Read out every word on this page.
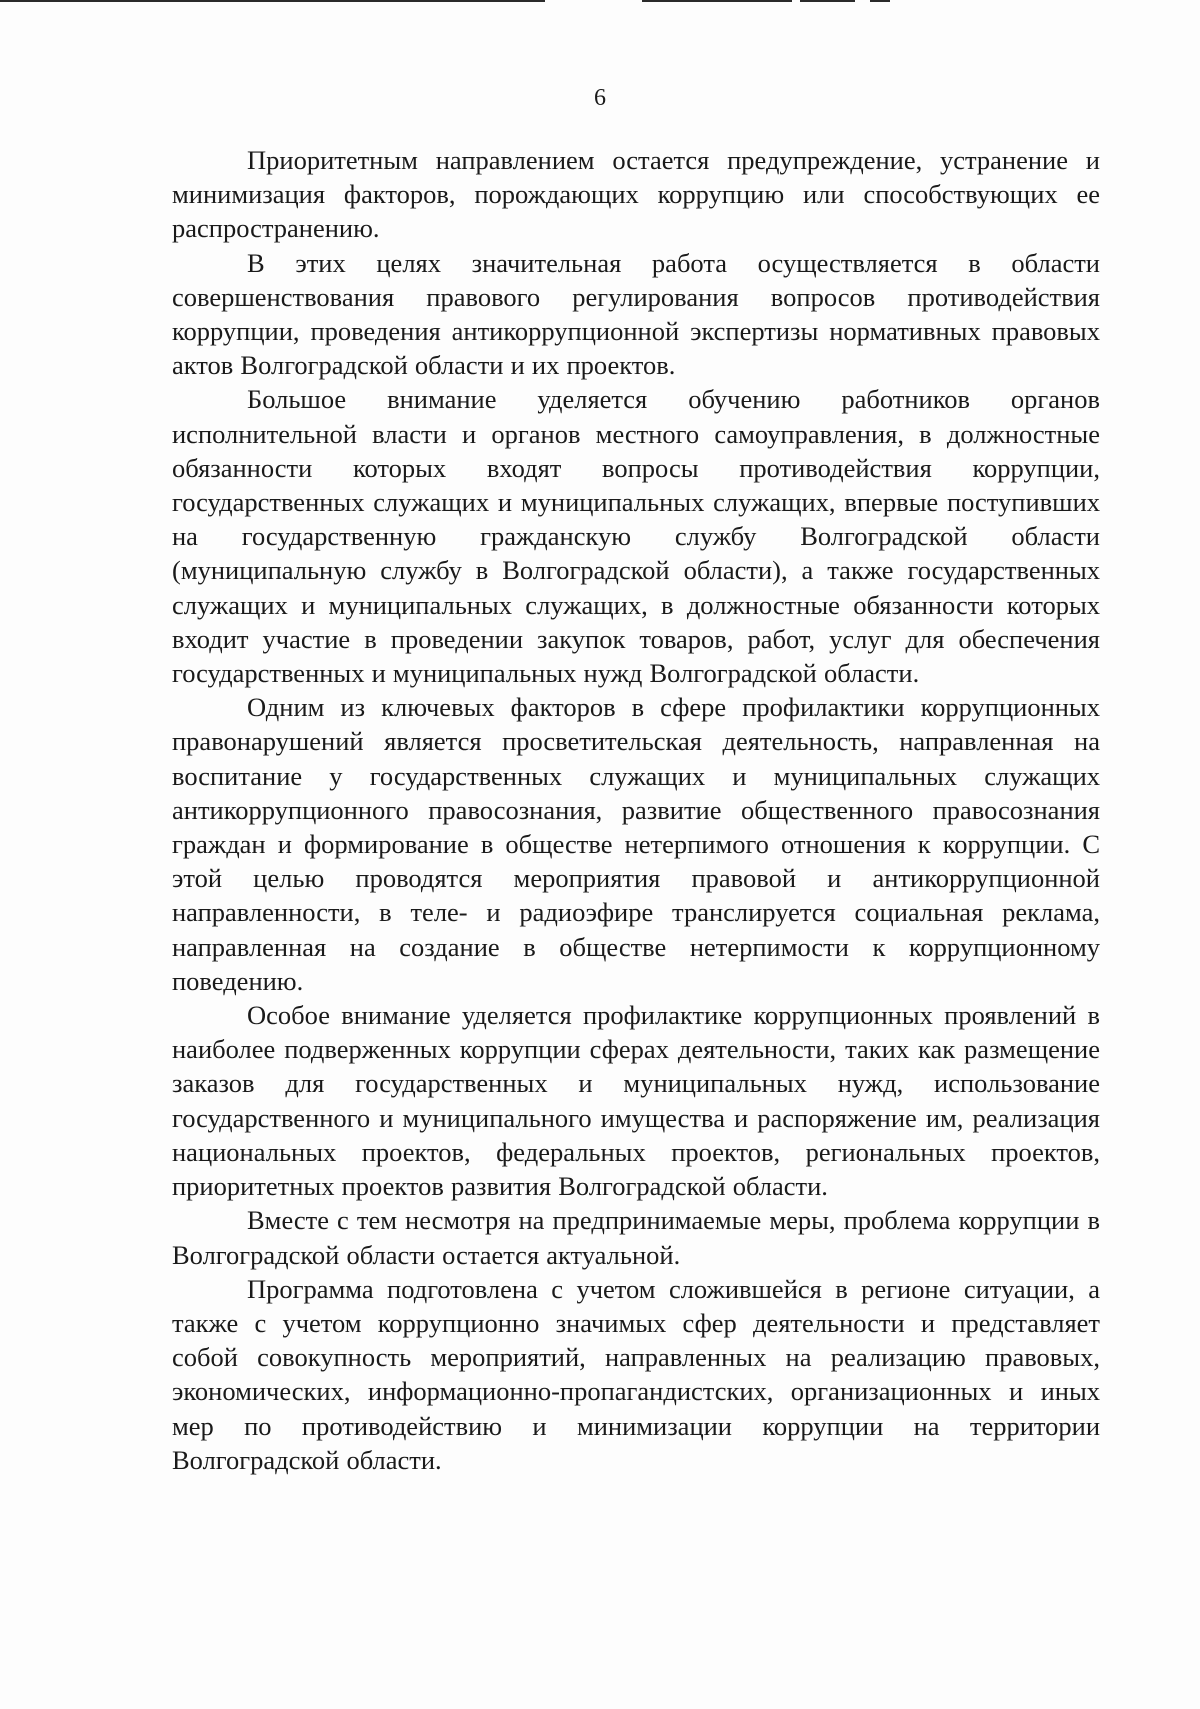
6

Приоритетным направлением остается предупреждение, устранение и минимизация факторов, порождающих коррупцию или способствующих ее распространению.

В этих целях значительная работа осуществляется в области совершенствования правового регулирования вопросов противодействия коррупции, проведения антикоррупционной экспертизы нормативных правовых актов Волгоградской области и их проектов.

Большое внимание уделяется обучению работников органов исполнительной власти и органов местного самоуправления, в должностные обязанности которых входят вопросы противодействия коррупции, государственных служащих и муниципальных служащих, впервые поступивших на государственную гражданскую службу Волгоградской области (муниципальную службу в Волгоградской области), а также государственных служащих и муниципальных служащих, в должностные обязанности которых входит участие в проведении закупок товаров, работ, услуг для обеспечения государственных и муниципальных нужд Волгоградской области.

Одним из ключевых факторов в сфере профилактики коррупционных правонарушений является просветительская деятельность, направленная на воспитание у государственных служащих и муниципальных служащих антикоррупционного правосознания, развитие общественного правосознания граждан и формирование в обществе нетерпимого отношения к коррупции. С этой целью проводятся мероприятия правовой и антикоррупционной направленности, в теле- и радиоэфире транслируется социальная реклама, направленная на создание в обществе нетерпимости к коррупционному поведению.

Особое внимание уделяется профилактике коррупционных проявлений в наиболее подверженных коррупции сферах деятельности, таких как размещение заказов для государственных и муниципальных нужд, использование государственного и муниципального имущества и распоряжение им, реализация национальных проектов, федеральных проектов, региональных проектов, приоритетных проектов развития Волгоградской области.

Вместе с тем несмотря на предпринимаемые меры, проблема коррупции в Волгоградской области остается актуальной.

Программа подготовлена с учетом сложившейся в регионе ситуации, а также с учетом коррупционно значимых сфер деятельности и представляет собой совокупность мероприятий, направленных на реализацию правовых, экономических, информационно-пропагандистских, организационных и иных мер по противодействию и минимизации коррупции на территории Волгоградской области.
